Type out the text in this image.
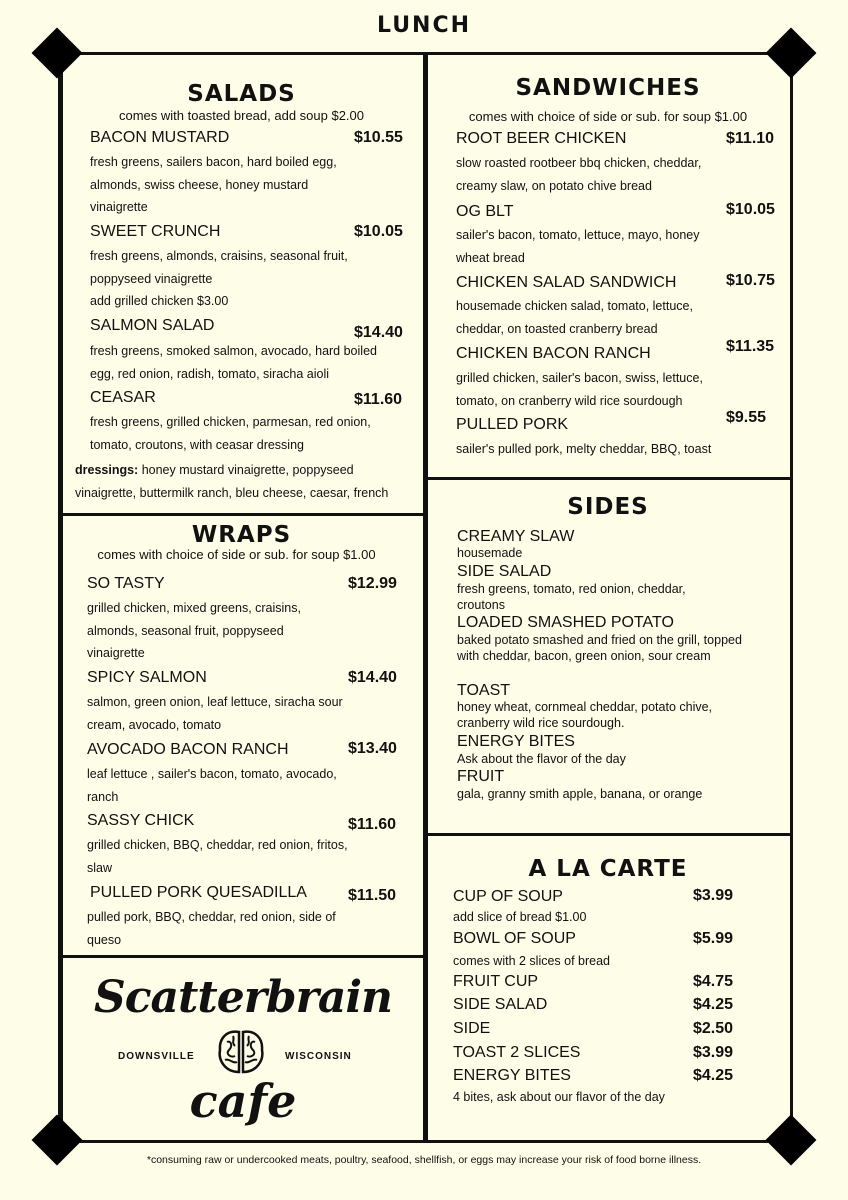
LUNCH
SALADS
comes with toasted bread, add soup $2.00
BACON MUSTARD	$10.55
fresh greens, sailers bacon, hard boiled egg, almonds, swiss cheese, honey mustard vinaigrette
SWEET CRUNCH	$10.05
fresh greens, almonds, craisins, seasonal fruit, poppyseed vinaigrette
add grilled chicken $3.00
SALMON SALAD	$14.40
fresh greens, smoked salmon, avocado, hard boiled egg, red onion, radish, tomato, siracha aioli
CEASAR	$11.60
fresh greens, grilled chicken, parmesan, red onion, tomato, croutons, with ceasar dressing
dressings: honey mustard vinaigrette, poppyseed vinaigrette, buttermilk ranch, bleu cheese, caesar, french
WRAPS
comes with choice of side or sub. for soup $1.00
SO TASTY	$12.99
grilled chicken, mixed greens, craisins, almonds, seasonal fruit, poppyseed vinaigrette
SPICY SALMON	$14.40
salmon, green onion, leaf lettuce, siracha sour cream, avocado, tomato
AVOCADO BACON RANCH	$13.40
leaf lettuce , sailer's bacon, tomato, avocado, ranch
SASSY CHICK	$11.60
grilled chicken, BBQ, cheddar, red onion, fritos, slaw
PULLED PORK QUESADILLA	$11.50
pulled pork, BBQ, cheddar, red onion, side of queso
Scatterbrain
DOWNSVILLE	WISCONSIN
cafe
SANDWICHES
comes with choice of side or sub. for soup $1.00
ROOT BEER CHICKEN	$11.10
slow roasted rootbeer bbq chicken, cheddar, creamy slaw, on potato chive bread
OG BLT	$10.05
sailer's bacon, tomato, lettuce, mayo, honey wheat bread
CHICKEN SALAD SANDWICH	$10.75
housemade chicken salad, tomato, lettuce, cheddar, on toasted cranberry bread
CHICKEN BACON RANCH	$11.35
grilled chicken, sailer's bacon, swiss, lettuce, tomato, on cranberry wild rice sourdough
PULLED PORK	$9.55
sailer's pulled pork, melty cheddar, BBQ, toast
SIDES
CREAMY SLAW
housemade
SIDE SALAD
fresh greens, tomato, red onion, cheddar, croutons
LOADED SMASHED POTATO
baked potato smashed and fried on the grill, topped with cheddar, bacon, green onion, sour cream
TOAST
honey wheat, cornmeal cheddar, potato chive, cranberry wild rice sourdough.
ENERGY BITES
Ask about the flavor of the day
FRUIT
gala, granny smith apple, banana, or orange
A LA CARTE
CUP OF SOUP	$3.99
add slice of bread $1.00
BOWL OF SOUP	$5.99
comes with 2 slices of bread
FRUIT CUP	$4.75
SIDE SALAD	$4.25
SIDE	$2.50
TOAST 2 SLICES	$3.99
ENERGY BITES	$4.25
4 bites, ask about our flavor of the day
*consuming raw or undercooked meats, poultry, seafood, shellfish, or eggs may increase your risk of food borne illness.
